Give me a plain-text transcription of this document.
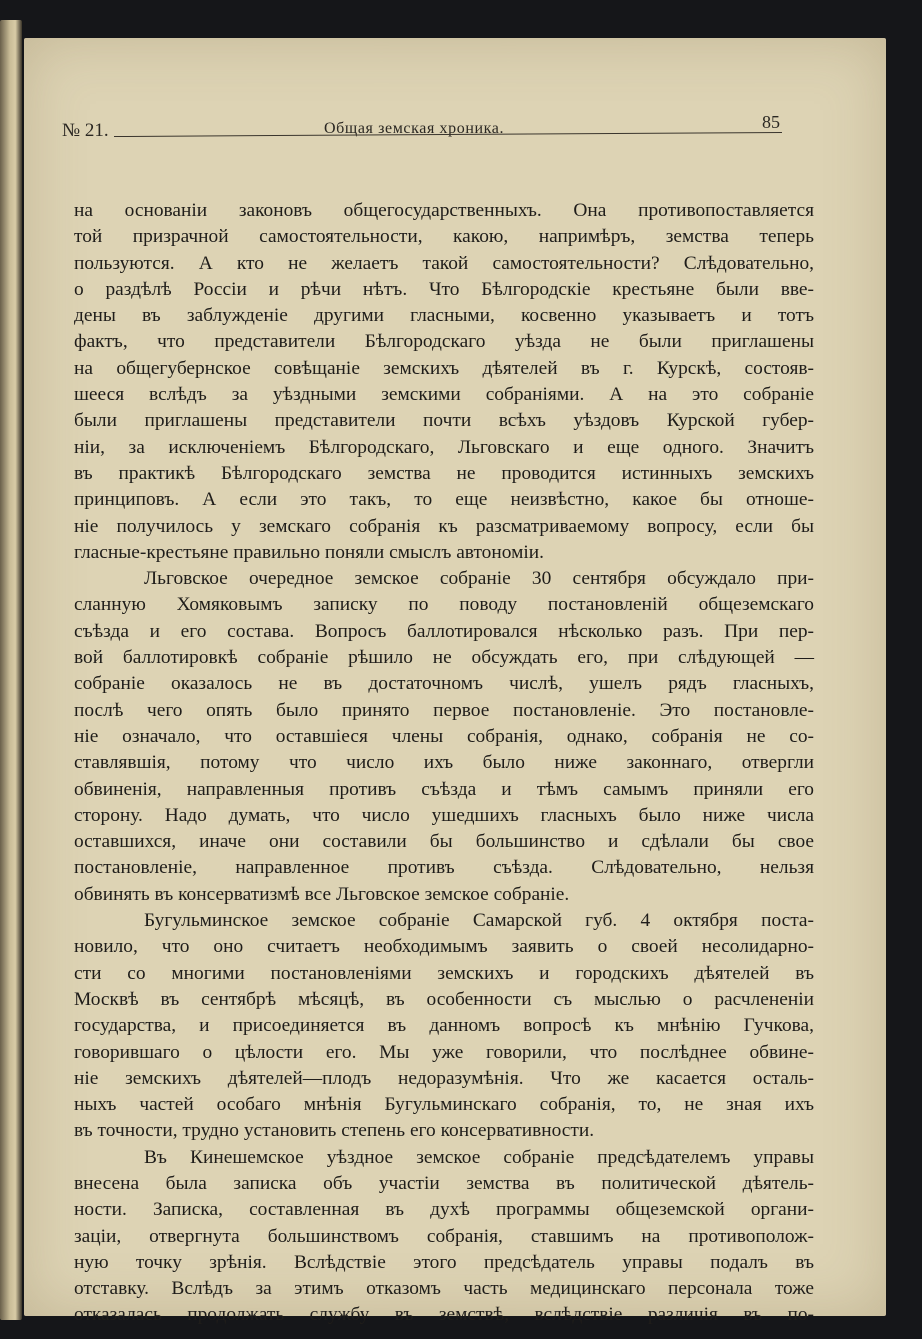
№ 21.	Общая земская хроника.	85
на основаніи законовъ общегосударственныхъ. Она противопоставляется
той призрачной самостоятельности, какою, напримѣръ, земства теперь
пользуются. А кто не желаетъ такой самостоятельности? Слѣдовательно,
о раздѣлѣ Россіи и рѣчи нѣтъ. Что Бѣлгородскіе крестьяне были вве-
дены въ заблужденіе другими гласными, косвенно указываетъ и тотъ
фактъ, что представители Бѣлгородскаго уѣзда не были приглашены
на общегубернское совѣщаніе земскихъ дѣятелей въ г. Курскѣ, состояв-
шееся вслѣдъ за уѣздными земскими собраніями. А на это собраніе
были приглашены представители почти всѣхъ уѣздовъ Курской губер-
ніи, за исключеніемъ Бѣлгородскаго, Льговскаго и еще одного. Значитъ
въ практикѣ Бѣлгородскаго земства не проводится истинныхъ земскихъ
принциповъ. А если это такъ, то еще неизвѣстно, какое бы отноше-
ніе получилось у земскаго собранія къ разсматриваемому вопросу, если бы
гласные-крестьяне правильно поняли смыслъ автономіи.
Льговское очередное земское собраніе 30 сентября обсуждало при-
сланную Хомяковымъ записку по поводу постановленій общеземскаго
съѣзда и его состава. Вопросъ баллотировался нѣсколько разъ. При пер-
вой баллотировкѣ собраніе рѣшило не обсуждать его, при слѣдующей —
собраніе оказалось не въ достаточномъ числѣ, ушелъ рядъ гласныхъ,
послѣ чего опять было принято первое постановленіе. Это постановле-
ніе означало, что оставшіеся члены собранія, однако, собранія не со-
ставлявшія, потому что число ихъ было ниже законнаго, отвергли
обвиненія, направленныя противъ съѣзда и тѣмъ самымъ приняли его
сторону. Надо думать, что число ушедшихъ гласныхъ было ниже числа
оставшихся, иначе они составили бы большинство и сдѣлали бы свое
постановленіе, направленное противъ съѣзда. Слѣдовательно, нельзя
обвинять въ консерватизмѣ все Льговское земское собраніе.
Бугульминское земское собраніе Самарской губ. 4 октября поста-
новило, что оно считаетъ необходимымъ заявить о своей несолидарно-
сти со многими постановленіями земскихъ и городскихъ дѣятелей въ
Москвѣ въ сентябрѣ мѣсяцѣ, въ особенности съ мыслью о расчлененіи
государства, и присоединяется въ данномъ вопросѣ къ мнѣнію Гучкова,
говорившаго о цѣлости его. Мы уже говорили, что послѣднее обвине-
ніе земскихъ дѣятелей—плодъ недоразумѣнія. Что же касается осталь-
ныхъ частей особаго мнѣнія Бугульминскаго собранія, то, не зная ихъ
въ точности, трудно установить степень его консервативности.
Въ Кинешемское уѣздное земское собраніе предсѣдателемъ управы
внесена была записка объ участіи земства въ политической дѣятель-
ности. Записка, составленная въ духѣ программы общеземской органи-
заціи, отвергнута большинствомъ собранія, ставшимъ на противополож-
ную точку зрѣнія. Вслѣдствіе этого предсѣдатель управы подалъ въ
отставку. Вслѣдъ за этимъ отказомъ часть медицинскаго персонала тоже
отказалась продолжать службу въ земствѣ, вслѣдствіе различія въ по-
